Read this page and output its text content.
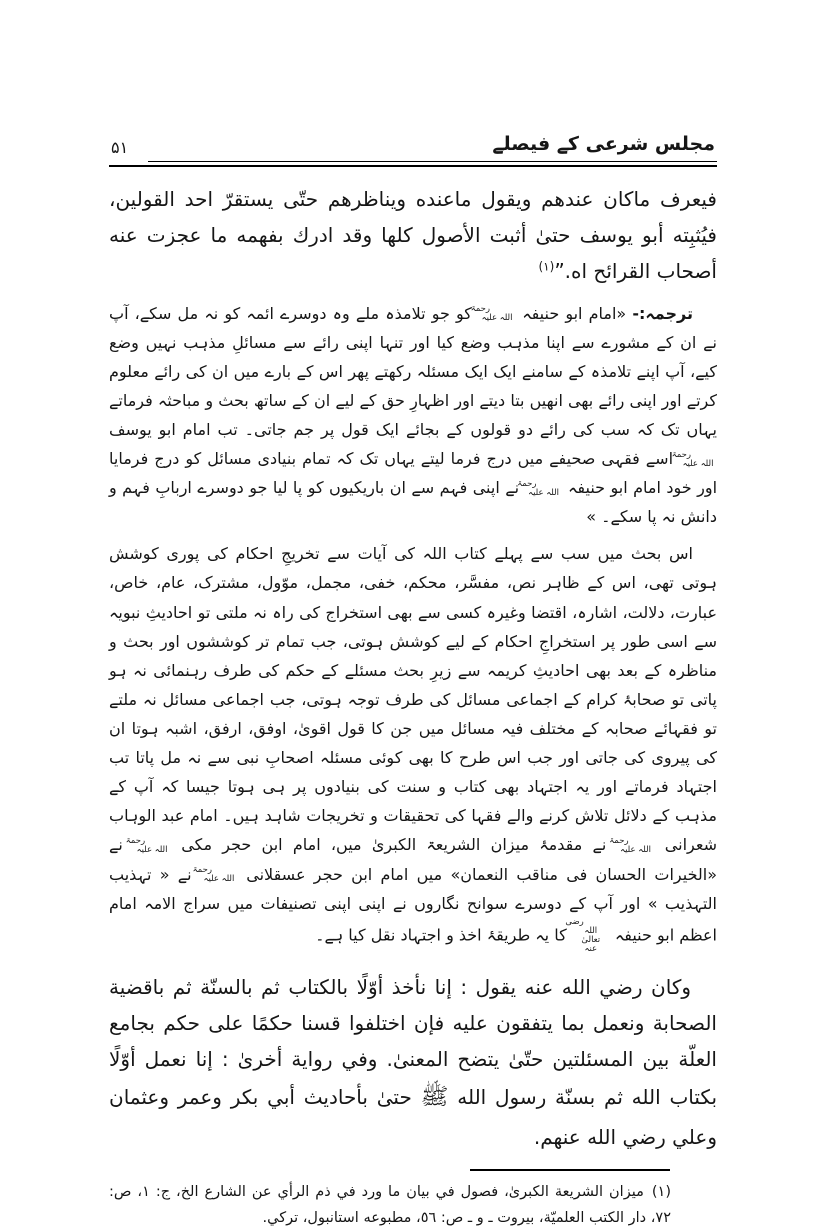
مجلس شرعی کے فیصلے
۵۱

فيعرف ماكان عندهم ويقول ماعنده ويناظرهم حتّى يستقرّ احد القولين، فيُثبِته أبو يوسف حتىٰ أثبت الأصول كلها وقد ادرك بفهمه ما عجزت عنه أصحاب القرائح اه.”$^{(١)}$

ترجمہ:- «امام ابو حنیفہ رحمۃ اللہ علیہ کو جو تلامذہ ملے وہ دوسرے ائمہ کو نہ مل سکے، آپ نے ان کے مشورے سے اپنا مذہب وضع کیا اور تنہا اپنی رائے سے مسائلِ مذہب نہیں وضع کیے، آپ اپنے تلامذہ کے سامنے ایک ایک مسئلہ رکھتے پھر اس کے بارے میں ان کی رائے معلوم کرتے اور اپنی رائے بھی انھیں بتا دیتے اور اظہارِ حق کے لیے ان کے ساتھ بحث و مباحثہ فرماتے یہاں تک کہ سب کی رائے دو قولوں کے بجائے ایک قول پر جم جاتی۔ تب امام ابو یوسف رحمۃ اللہ علیہ اسے فقہی صحیفے میں درج فرما لیتے یہاں تک کہ تمام بنیادی مسائل کو درج فرمایا اور خود امام ابو حنیفہ رحمۃ اللہ علیہ نے اپنی فہم سے ان باریکیوں کو پا لیا جو دوسرے اربابِ فہم و دانش نہ پا سکے۔ »

اس بحث میں سب سے پہلے کتاب اللہ کی آیات سے تخریجِ احکام کی پوری کوشش ہوتی تھی، اس کے ظاہر نص، مفسَّر، محکم، خفی، مجمل، موّول، مشترک، عام، خاص، عبارت، دلالت، اشارہ، اقتضا وغیرہ کسی سے بھی استخراج کی راہ نہ ملتی تو احادیثِ نبویہ سے اسی طور پر استخراجِ احکام کے لیے کوشش ہوتی، جب تمام تر کوششوں اور بحث و مناظرہ کے بعد بھی احادیثِ کریمہ سے زیرِ بحث مسئلے کے حکم کی طرف رہنمائی نہ ہو پاتی تو صحابۂ کرام کے اجماعی مسائل کی طرف توجہ ہوتی، جب اجماعی مسائل نہ ملتے تو فقہائے صحابہ کے مختلف فیہ مسائل میں جن کا قول اقویٰ، اوفق، ارفق، اشبہ ہوتا ان کی پیروی کی جاتی اور جب اس طرح کا بھی کوئی مسئلہ اصحابِ نبی سے نہ مل پاتا تب اجتہاد فرماتے اور یہ اجتہاد بھی کتاب و سنت کی بنیادوں پر ہی ہوتا جیسا کہ آپ کے مذہب کے دلائل تلاش کرنے والے فقہا کی تحقیقات و تخریجات شاہد ہیں۔ امام عبد الوہاب شعرانی رحمۃ اللہ علیہ نے مقدمۂ میزان الشریعۃ الکبریٰ میں، امام ابن حجر مکی رحمۃ اللہ علیہ نے «الخیرات الحسان فی مناقب النعمان» میں امام ابن حجر عسقلانی رحمۃ اللہ علیہ نے « تہذیب التہذیب » اور آپ کے دوسرے سوانح نگاروں نے اپنی اپنی تصنیفات میں سراج الامہ امام اعظم ابو حنیفہ رضی اللہ تعالیٰ عنہ کا یہ طریقۂ اخذ و اجتہاد نقل کیا ہے۔

وكان رضي الله عنه يقول : إنا نأخذ أوّلًا بالكتاب ثم بالسنّة ثم باقضية الصحابة ونعمل بما يتفقون عليه فإن اختلفوا قسنا حكمًا على حكم بجامع العلّة بين المسئلتين حتّىٰ يتضح المعنىٰ. وفي رواية أخرىٰ : إنا نعمل أوّلًا بكتاب الله ثم بسنّة رسول الله ﷺ حتىٰ بأحاديث أبي بكر وعمر وعثمان وعلي رضي الله عنهم.

(١)ميزان الشريعة الكبرىٰ، فصول في بيان ما ورد في ذم الرأي عن الشارع الخ، ج: ١، ص: ٧٢، دار الكتب العلميّة، بيروت ـ و ـ ص: ٥٦، مطبوعه استانبول، تركي.
